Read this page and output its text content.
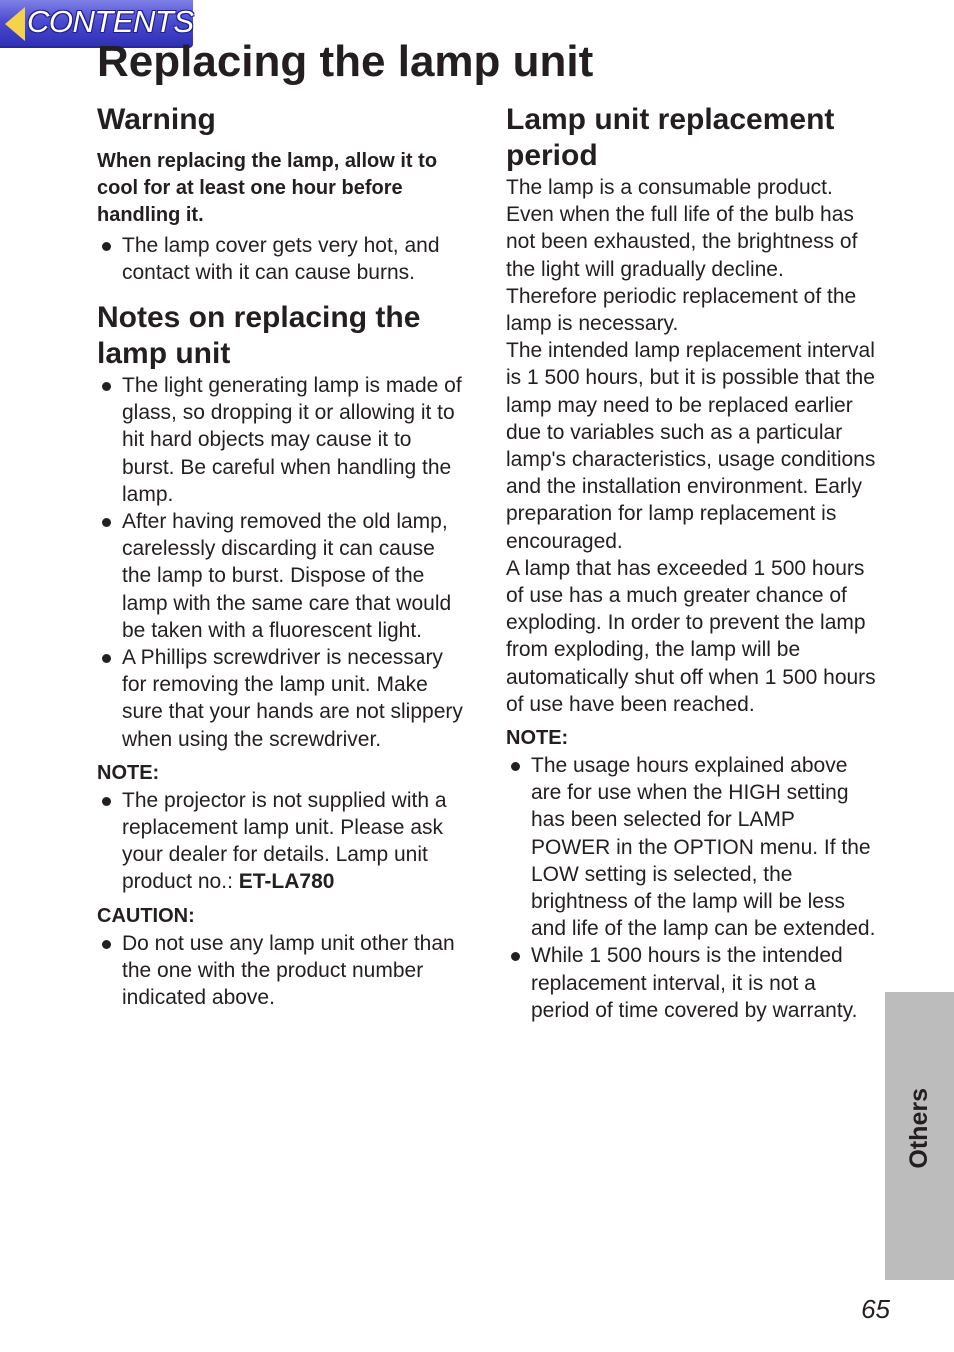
CONTENTS
Replacing the lamp unit
Warning

When replacing the lamp, allow it to cool for at least one hour before handling it.

The lamp cover gets very hot, and contact with it can cause burns.
Notes on replacing the lamp unit
The light generating lamp is made of glass, so dropping it or allowing it to hit hard objects may cause it to burst. Be careful when handling the lamp.
After having removed the old lamp, carelessly discarding it can cause the lamp to burst. Dispose of the lamp with the same care that would be taken with a fluorescent light.
A Phillips screwdriver is necessary for removing the lamp unit. Make sure that your hands are not slippery when using the screwdriver.

NOTE:

The projector is not supplied with a replacement lamp unit. Please ask your dealer for details. Lamp unit product no.: ET-LA780

CAUTION:

Do not use any lamp unit other than the one with the product number indicated above.
Lamp unit replacement period

The lamp is a consumable product. Even when the full life of the bulb has not been exhausted, the brightness of the light will gradually decline. Therefore periodic replacement of the lamp is necessary.

The intended lamp replacement interval is 1 500 hours, but it is possible that the lamp may need to be replaced earlier due to variables such as a particular lamp's characteristics, usage conditions and the installation environment. Early preparation for lamp replacement is encouraged.

A lamp that has exceeded 1 500 hours of use has a much greater chance of exploding. In order to prevent the lamp from exploding, the lamp will be automatically shut off when 1 500 hours of use have been reached.

NOTE:

The usage hours explained above are for use when the HIGH setting has been selected for LAMP POWER in the OPTION menu. If the LOW setting is selected, the brightness of the lamp will be less and life of the lamp can be extended.
While 1 500 hours is the intended replacement interval, it is not a period of time covered by warranty.
Others
65
